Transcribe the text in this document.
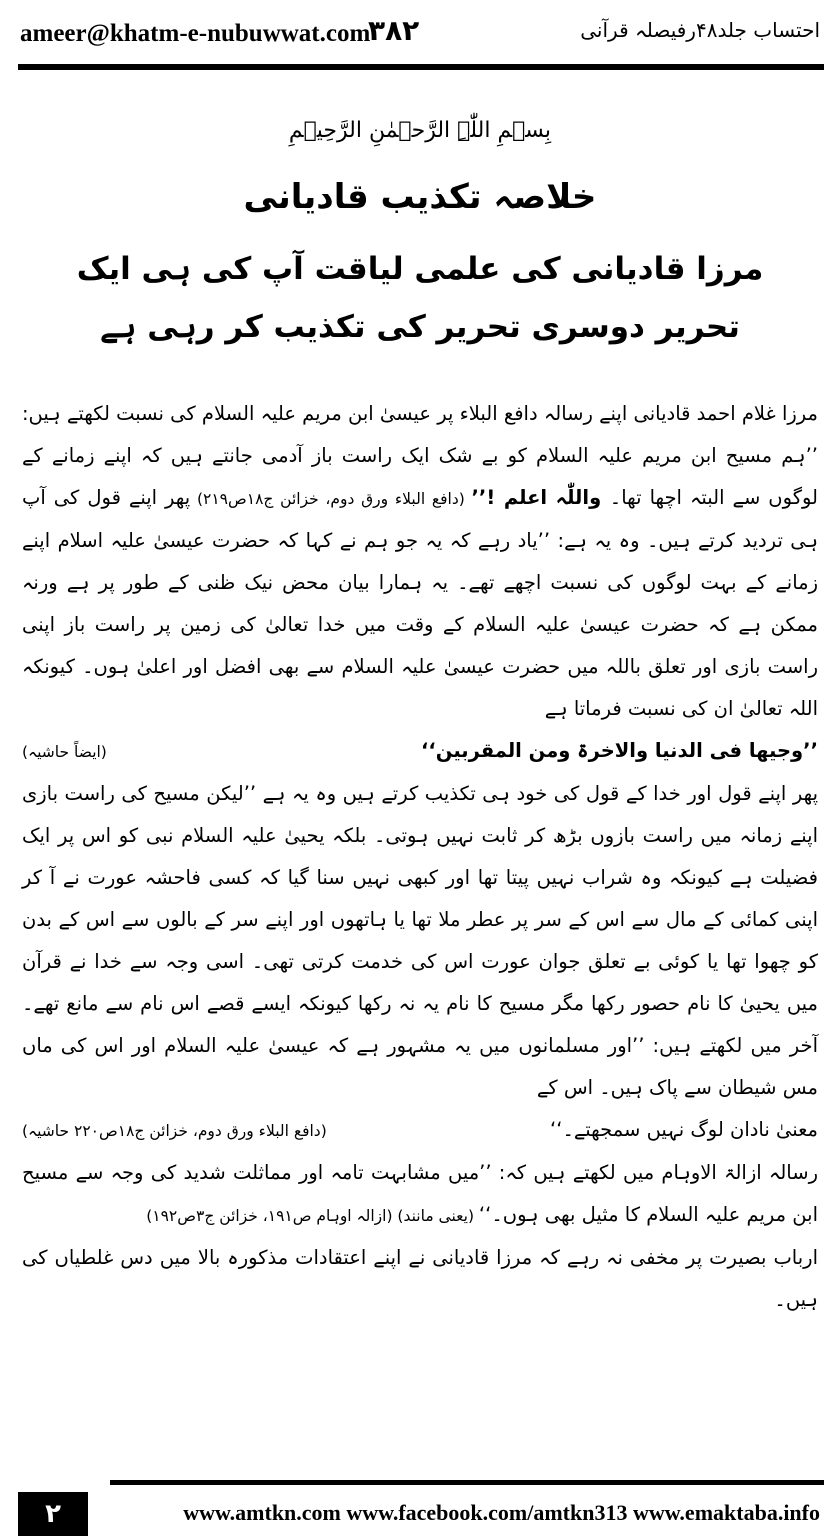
ameer@khatm-e-nubuwwat.com
۳۸۲	احتساب جلد۴۸رفیصلہ قرآنی
بِسۡمِ اللّٰہِ الرَّحۡمٰنِ الرَّحِیۡمِ
خلاصہ تکذیب قادیانی
مرزا قادیانی کی علمی لیاقت آپ کی ہی ایک تحریر دوسری تحریر کی تکذیب کر رہی ہے

مرزا غلام احمد قادیانی اپنے رسالہ دافع البلاء پر عیسیٰ ابن مریم علیہ السلام کی نسبت لکھتے ہیں: ’’ہم مسیح ابن مریم علیہ السلام کو بے شک ایک راست باز آدمی جانتے ہیں کہ اپنے زمانے کے لوگوں سے البتہ اچھا تھا۔ واللّٰہ اعلم !’’ (دافع البلاء ورق دوم، خزائن ج۱۸ص۲۱۹) پھر اپنے قول کی آپ ہی تردید کرتے ہیں۔ وہ یہ ہے: ’’یاد رہے کہ یہ جو ہم نے کہا کہ حضرت عیسیٰ علیہ اسلام اپنے زمانے کے بہت لوگوں کی نسبت اچھے تھے۔ یہ ہمارا بیان محض نیک ظنی کے طور پر ہے ورنہ ممکن ہے کہ حضرت عیسیٰ علیہ السلام کے وقت میں خدا تعالیٰ کی زمین پر راست باز اپنی راست بازی اور تعلق باللہ میں حضرت عیسیٰ علیہ السلام سے بھی افضل اور اعلیٰ ہوں۔ کیونکہ اللہ تعالیٰ ان کی نسبت فرماتا ہے

’’وجیھا فی الدنیا والاخرۃ ومن المقربین‘‘
(ایضاً حاشیہ)

پھر اپنے قول اور خدا کے قول کی خود ہی تکذیب کرتے ہیں وہ یہ ہے ’’لیکن مسیح کی راست بازی اپنے زمانہ میں راست بازوں بڑھ کر ثابت نہیں ہوتی۔ بلکہ یحییٰ علیہ السلام نبی کو اس پر ایک فضیلت ہے کیونکہ وہ شراب نہیں پیتا تھا اور کبھی نہیں سنا گیا کہ کسی فاحشہ عورت نے آ کر اپنی کمائی کے مال سے اس کے سر پر عطر ملا تھا یا ہاتھوں اور اپنے سر کے بالوں سے اس کے بدن کو چھوا تھا یا کوئی بے تعلق جوان عورت اس کی خدمت کرتی تھی۔ اسی وجہ سے خدا نے قرآن میں یحییٰ کا نام حصور رکھا مگر مسیح کا نام یہ نہ رکھا کیونکہ ایسے قصے اس نام سے مانع تھے۔ آخر میں لکھتے ہیں: ’’اور مسلمانوں میں یہ مشہور ہے کہ عیسیٰ علیہ السلام اور اس کی ماں مس شیطان سے پاک ہیں۔ اس کے

معنیٰ نادان لوگ نہیں سمجھتے۔‘‘
(دافع البلاء ورق دوم، خزائن ج۱۸ص۲۲۰ حاشیہ)

رسالہ ازالۃ الاوہام میں لکھتے ہیں کہ: ’’میں مشابہت تامہ اور مماثلت شدید کی وجہ سے مسیح ابن مریم علیہ السلام کا مثیل بھی ہوں۔‘‘ (یعنی مانند) (ازالہ اوہام ص۱۹۱، خزائن ج۳ص۱۹۲)

ارباب بصیرت پر مخفی نہ رہے کہ مرزا قادیانی نے اپنے اعتقادات مذکورہ بالا میں دس غلطیاں کی ہیں۔

۲	www.amtkn.com www.facebook.com/amtkn313 www.emaktaba.info
